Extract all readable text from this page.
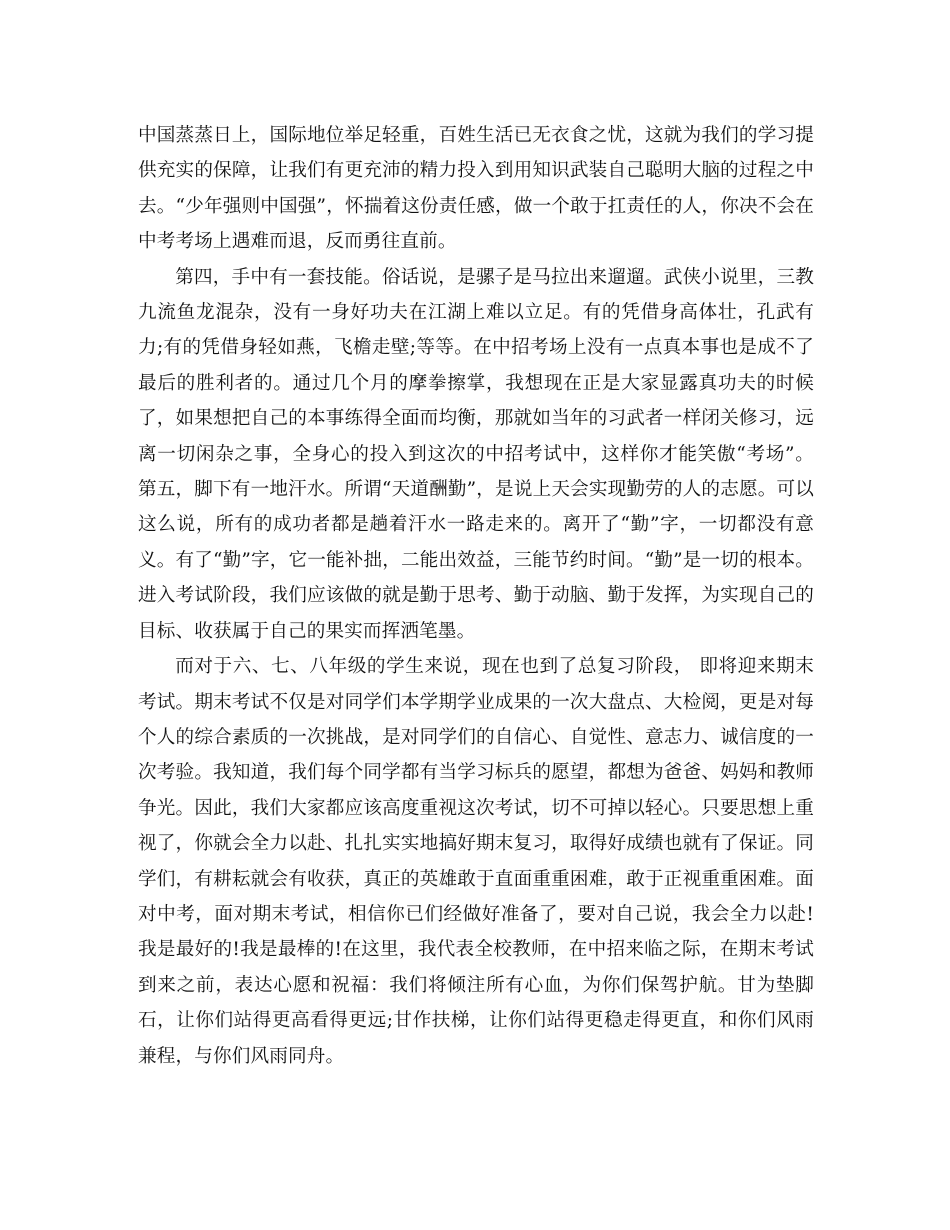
中国蒸蒸日上，国际地位举足轻重，百姓生活已无衣食之忧，这就为我们的学习提供充实的保障，让我们有更充沛的精力投入到用知识武装自己聪明大脑的过程之中去。“少年强则中国强”，怀揣着这份责任感，做一个敢于扛责任的人，你决不会在中考考场上遇难而退，反而勇往直前。

第四，手中有一套技能。俗话说，是骡子是马拉出来遛遛。武侠小说里，三教九流鱼龙混杂，没有一身好功夫在江湖上难以立足。有的凭借身高体壮，孔武有力;有的凭借身轻如燕，飞檐走壁;等等。在中招考场上没有一点真本事也是成不了最后的胜利者的。通过几个月的摩拳擦掌，我想现在正是大家显露真功夫的时候了，如果想把自己的本事练得全面而均衡，那就如当年的习武者一样闭关修习，远离一切闲杂之事，全身心的投入到这次的中招考试中，这样你才能笑傲“考场”。 第五，脚下有一地汗水。所谓“天道酬勤”，是说上天会实现勤劳的人的志愿。可以这么说，所有的成功者都是趟着汗水一路走来的。离开了“勤”字，一切都没有意义。有了“勤”字，它一能补拙，二能出效益，三能节约时间。“勤”是一切的根本。进入考试阶段，我们应该做的就是勤于思考、勤于动脑、勤于发挥，为实现自己的目标、收获属于自己的果实而挥洒笔墨。

而对于六、七、八年级的学生来说，现在也到了总复习阶段， 即将迎来期末考试。期末考试不仅是对同学们本学期学业成果的一次大盘点、大检阅，更是对每个人的综合素质的一次挑战，是对同学们的自信心、自觉性、意志力、诚信度的一次考验。我知道，我们每个同学都有当学习标兵的愿望，都想为爸爸、妈妈和教师争光。因此，我们大家都应该高度重视这次考试，切不可掉以轻心。只要思想上重视了，你就会全力以赴、扎扎实实地搞好期末复习，取得好成绩也就有了保证。同学们，有耕耘就会有收获，真正的英雄敢于直面重重困难，敢于正视重重困难。面对中考，面对期末考试，相信你已们经做好准备了，要对自己说，我会全力以赴!我是最好的!我是最棒的!在这里，我代表全校教师，在中招来临之际，在期末考试到来之前，表达心愿和祝福：我们将倾注所有心血，为你们保驾护航。甘为垫脚石，让你们站得更高看得更远;甘作扶梯，让你们站得更稳走得更直，和你们风雨兼程，与你们风雨同舟。
